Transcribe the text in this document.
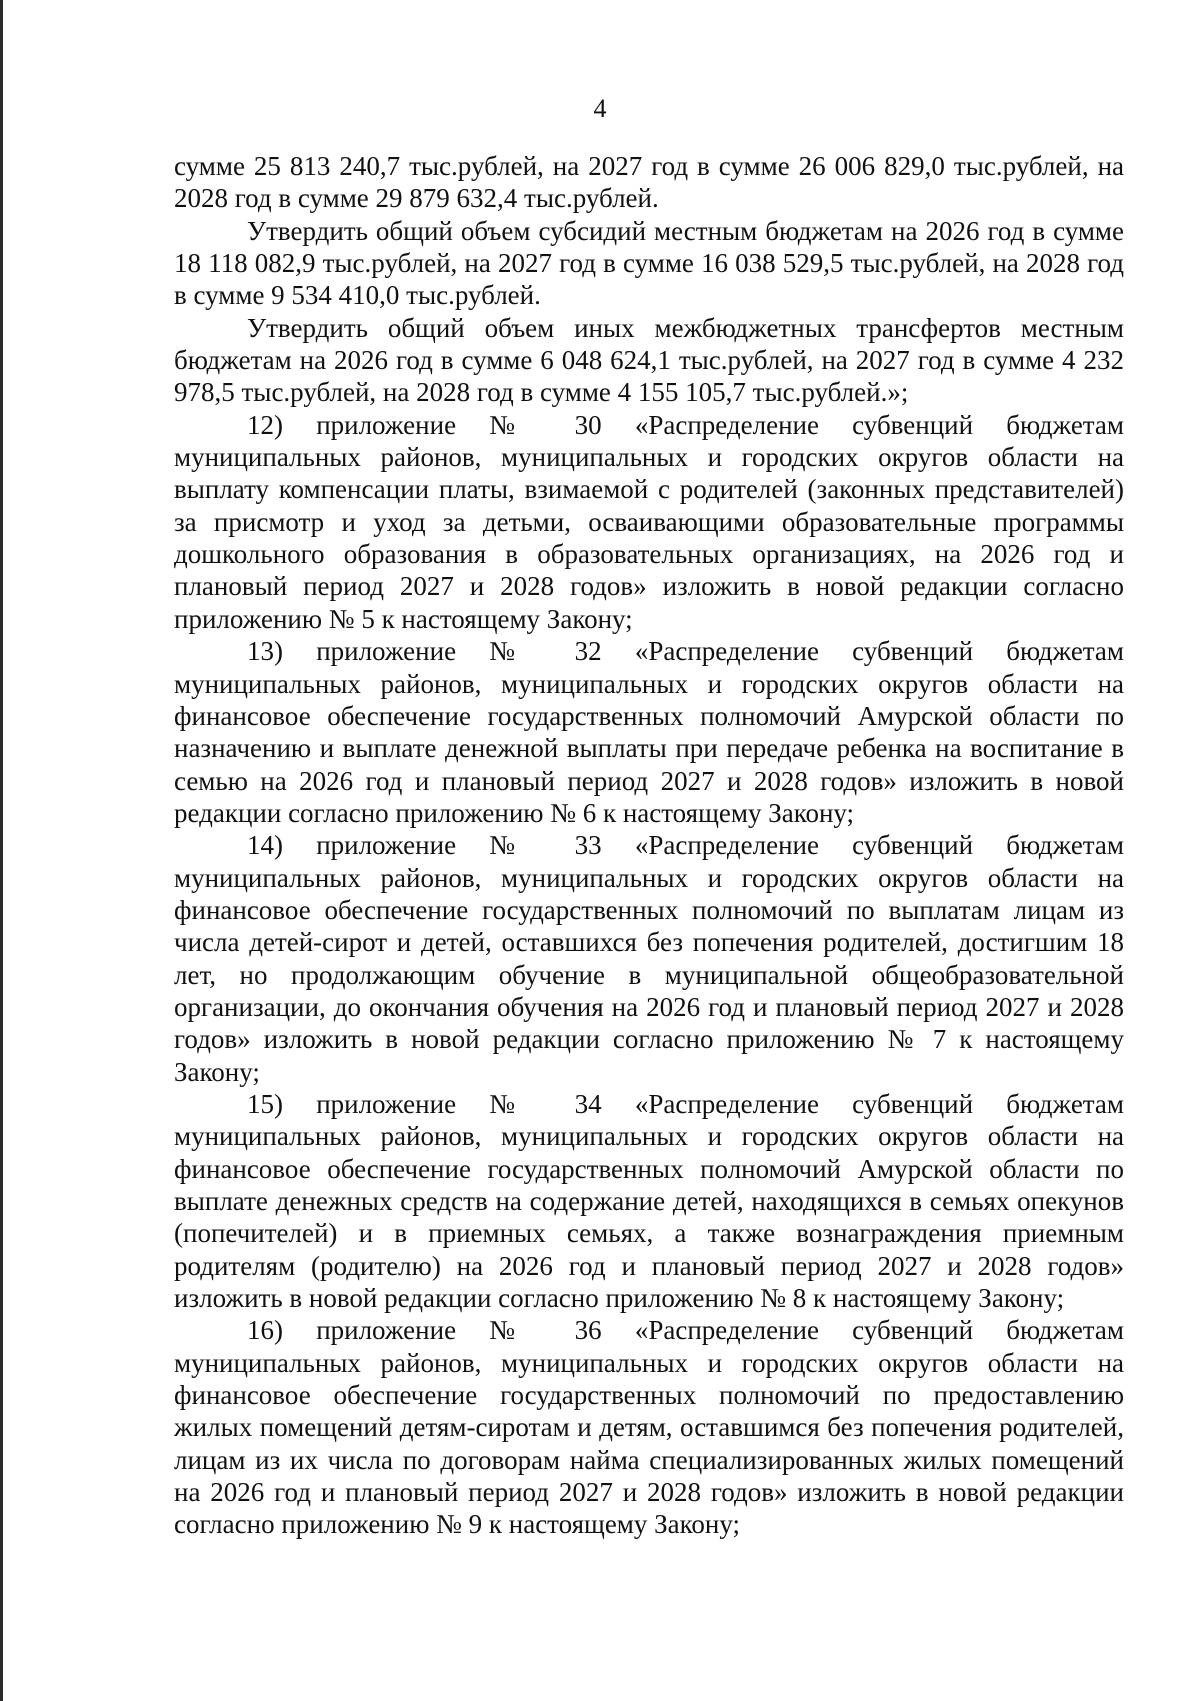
4

сумме 25 813 240,7 тыс.рублей, на 2027 год в сумме 26 006 829,0 тыс.рублей, на 2028 год в сумме 29 879 632,4 тыс.рублей.

Утвердить общий объем субсидий местным бюджетам на 2026 год в сумме 18 118 082,9 тыс.рублей, на 2027 год в сумме 16 038 529,5 тыс.рублей, на 2028 год в сумме 9 534 410,0 тыс.рублей.

Утвердить общий объем иных межбюджетных трансфертов местным бюджетам на 2026 год в сумме 6 048 624,1 тыс.рублей, на 2027 год в сумме 4 232 978,5 тыс.рублей, на 2028 год в сумме 4 155 105,7 тыс.рублей.»;

12) приложение № 30 «Распределение субвенций бюджетам муниципальных районов, муниципальных и городских округов области на выплату компенсации платы, взимаемой с родителей (законных представителей) за присмотр и уход за детьми, осваивающими образовательные программы дошкольного образования в образовательных организациях, на 2026 год и плановый период 2027 и 2028 годов» изложить в новой редакции согласно приложению № 5 к настоящему Закону;

13) приложение № 32 «Распределение субвенций бюджетам муниципальных районов, муниципальных и городских округов области на финансовое обеспечение государственных полномочий Амурской области по назначению и выплате денежной выплаты при передаче ребенка на воспитание в семью на 2026 год и плановый период 2027 и 2028 годов» изложить в новой редакции согласно приложению № 6 к настоящему Закону;

14) приложение № 33 «Распределение субвенций бюджетам муниципальных районов, муниципальных и городских округов области на финансовое обеспечение государственных полномочий по выплатам лицам из числа детей-сирот и детей, оставшихся без попечения родителей, достигшим 18 лет, но продолжающим обучение в муниципальной общеобразовательной организации, до окончания обучения на 2026 год и плановый период 2027 и 2028 годов» изложить в новой редакции согласно приложению № 7 к настоящему Закону;

15) приложение № 34 «Распределение субвенций бюджетам муниципальных районов, муниципальных и городских округов области на финансовое обеспечение государственных полномочий Амурской области по выплате денежных средств на содержание детей, находящихся в семьях опекунов (попечителей) и в приемных семьях, а также вознаграждения приемным родителям (родителю) на 2026 год и плановый период 2027 и 2028 годов» изложить в новой редакции согласно приложению № 8 к настоящему Закону;

16) приложение № 36 «Распределение субвенций бюджетам муниципальных районов, муниципальных и городских округов области на финансовое обеспечение государственных полномочий по предоставлению жилых помещений детям-сиротам и детям, оставшимся без попечения родителей, лицам из их числа по договорам найма специализированных жилых помещений на 2026 год и плановый период 2027 и 2028 годов» изложить в новой редакции согласно приложению № 9 к настоящему Закону;
